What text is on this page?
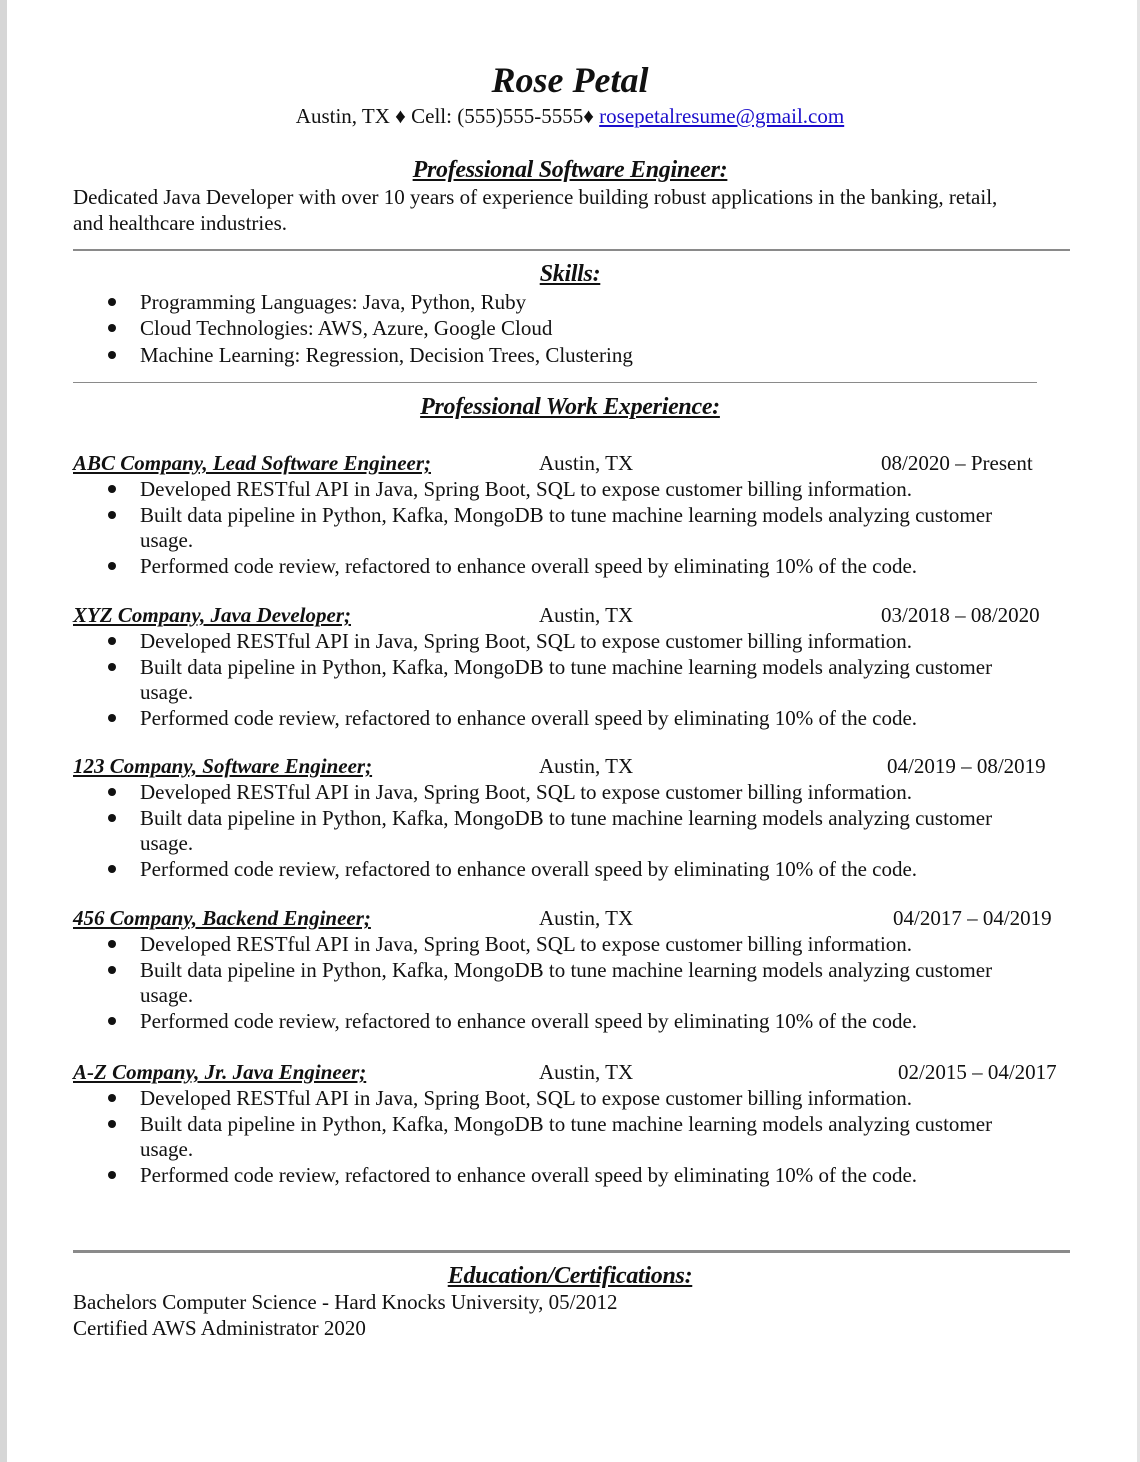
Rose Petal
Austin, TX ♦ Cell: (555)555-5555♦ rosepetalresume@gmail.com
Professional Software Engineer:
Dedicated Java Developer with over 10 years of experience building robust applications in the banking, retail,
and healthcare industries.
Skills:
Professional Work Experience:
Education/Certifications:
Bachelors Computer Science - Hard Knocks University, 05/2012
Certified AWS Administrator 2020
Programming Languages: Java, Python, Ruby
Cloud Technologies: AWS, Azure, Google Cloud
Machine Learning: Regression, Decision Trees, Clustering
ABC Company, Lead Software Engineer;	Austin, TX	08/2020 – Present
Developed RESTful API in Java, Spring Boot, SQL to expose customer billing information.
Built data pipeline in Python, Kafka, MongoDB to tune machine learning models analyzing customer
usage.
Performed code review, refactored to enhance overall speed by eliminating 10% of the code.
XYZ Company, Java Developer;	Austin, TX	03/2018 – 08/2020
Developed RESTful API in Java, Spring Boot, SQL to expose customer billing information.
Built data pipeline in Python, Kafka, MongoDB to tune machine learning models analyzing customer
usage.
Performed code review, refactored to enhance overall speed by eliminating 10% of the code.
123 Company, Software Engineer;	Austin, TX	04/2019 – 08/2019
Developed RESTful API in Java, Spring Boot, SQL to expose customer billing information.
Built data pipeline in Python, Kafka, MongoDB to tune machine learning models analyzing customer
usage.
Performed code review, refactored to enhance overall speed by eliminating 10% of the code.
456 Company, Backend Engineer;	Austin, TX	04/2017 – 04/2019
Developed RESTful API in Java, Spring Boot, SQL to expose customer billing information.
Built data pipeline in Python, Kafka, MongoDB to tune machine learning models analyzing customer
usage.
Performed code review, refactored to enhance overall speed by eliminating 10% of the code.
A-Z Company, Jr. Java Engineer;	Austin, TX	02/2015 – 04/2017
Developed RESTful API in Java, Spring Boot, SQL to expose customer billing information.
Built data pipeline in Python, Kafka, MongoDB to tune machine learning models analyzing customer
usage.
Performed code review, refactored to enhance overall speed by eliminating 10% of the code.
